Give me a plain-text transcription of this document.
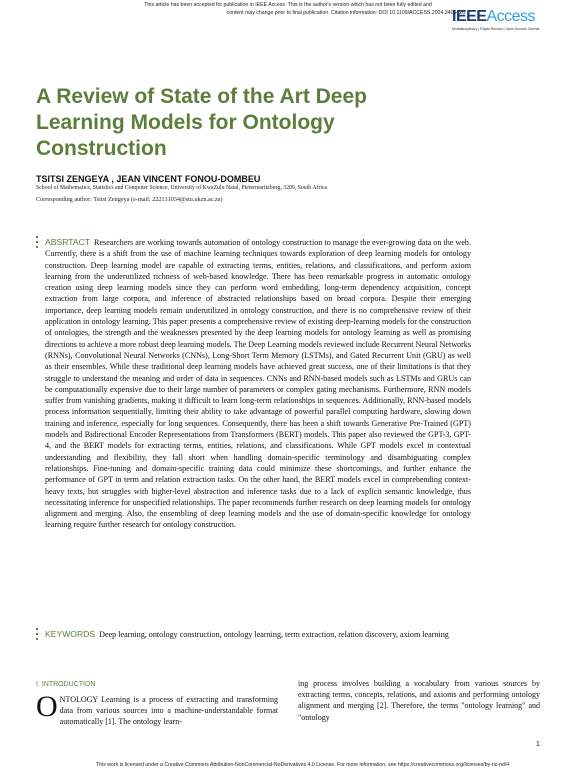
This article has been accepted for publication in IEEE Access. This is the author's version which has not been fully edited and
content may change prior to final publication. Citation information: DOI 10.1109/ACCESS.2024.3406426
IEEEAccess
Multidisciplinary | Rapid Review | Open Access Journal
A Review of State of the Art Deep Learning Models for Ontology Construction
TSITSI ZENGEYA , JEAN VINCENT FONOU-DOMBEU
School of Mathematics, Statistics and Computer Science, University of KwaZulu Natal, Pietermaritzburg, 3209, South Africa
Corresponding author: Tsitsi Zengeya (e-mail: 222131034@stu.ukzn.ac.za)
ABSRTACT Researchers are working towards automation of ontology construction to manage the ever-growing data on the web. Currently, there is a shift from the use of machine learning techniques towards exploration of deep learning models for ontology construction. Deep learning model are capable of extracting terms, entities, relations, and classifications, and perform axiom learning from the underutilized richness of web-based knowledge. There has been remarkable progress in automatic ontology creation using deep learning models since they can perform word embedding, long-term dependency acquisition, concept extraction from large corpora, and inference of abstracted relationships based on broad corpora. Despite their emerging importance, deep learning models remain underutilized in ontology construction, and there is no comprehensive review of their application in ontology learning. This paper presents a comprehensive review of existing deep-learning models for the construction of ontologies, the strength and the weaknesses presented by the deep learning models for ontology learning as well as promising directions to achieve a more robust deep learning models. The Deep Learning models reviewed include Recurrent Neural Networks (RNNs), Convolutional Neural Networks (CNNs), Long-Short Term Memory (LSTMs), and Gated Recurrent Unit (GRU) as well as their ensembles. While these traditional deep learning models have achieved great success, one of their limitations is that they struggle to understand the meaning and order of data in sequences. CNNs and RNN-based models such as LSTMs and GRUs can be computationally expensive due to their large number of parameters or complex gating mechanisms. Furthermore, RNN models suffer from vanishing gradients, making it difficult to learn long-term relationships in sequences. Additionally, RNN-based models process information sequentially, limiting their ability to take advantage of powerful parallel computing hardware, slowing down training and inference, especially for long sequences. Consequently, there has been a shift towards Generative Pre-Trained (GPT) models and Bidirectional Encoder Representations from Transformers (BERT) models. This paper also reviewed the GPT-3, GPT-4, and the BERT models for extracting terms, entities, relations, and classifications. While GPT models excel in contextual understanding and flexibility, they fall short when handling domain-specific terminology and disambiguating complex relationships. Fine-tuning and domain-specific training data could minimize these shortcomings, and further enhance the performance of GPT in term and relation extraction tasks. On the other hand, the BERT models excel in comprehending context-heavy texts, but struggles with higher-level abstraction and inference tasks due to a lack of explicit semantic knowledge, thus necessitating inference for unspecified relationships. The paper recommends further research on deep learning models for ontology alignment and merging. Also, the ensembling of deep learning models and the use of domain-specific knowledge for ontology learning require further research for ontology construction.
KEYWORDS Deep learning, ontology construction, ontology learning, term extraction, relation discovery, axiom learning
I. INTRODUCTION
ONTOLOGY Learning is a process of extracting and transforming data from various sources into a machine-understandable format automatically [1]. The ontology learn-
ing process involves building a vocabulary from various sources by extracting terms, concepts, relations, and axioms and performing ontology alignment and merging [2]. Therefore, the terms "ontology learning" and "ontology
1
This work is licensed under a Creative Commons Attribution-NonCommercial-NoDerivatives 4.0 License. For more information, see https://creativecommons.org/licenses/by-nc-nd/4
